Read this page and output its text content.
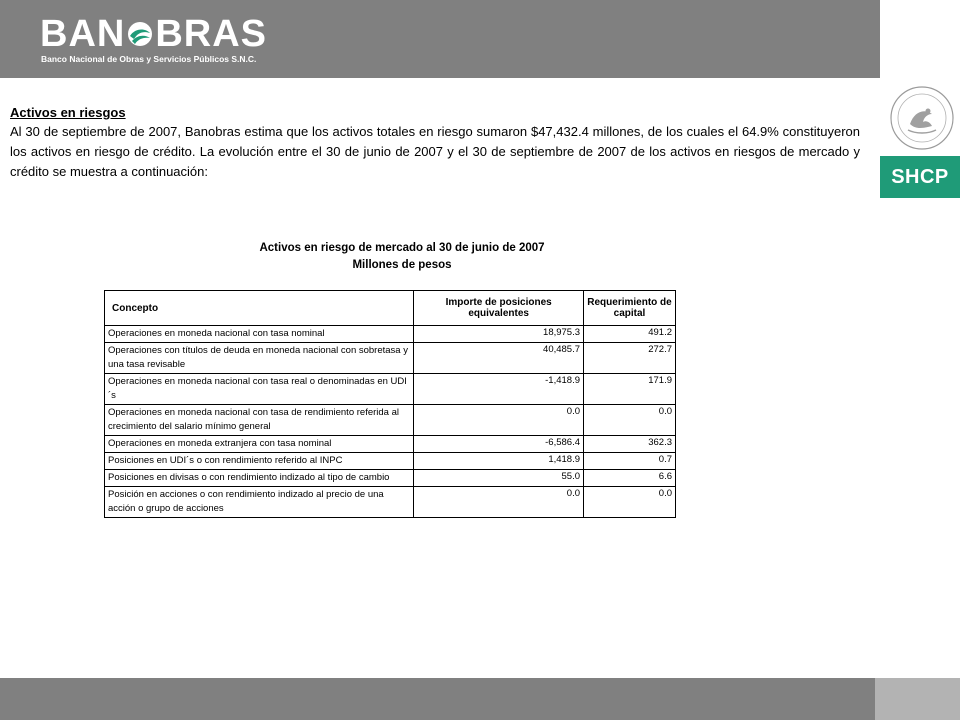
BAN BRAS
Banco Nacional de Obras y Servicios Públicos S.N.C.
SHCP
Activos en riesgos
Al 30 de septiembre de 2007, Banobras estima que los activos totales en riesgo sumaron $47,432.4 millones, de los cuales el 64.9% constituyeron los activos en riesgo de crédito. La evolución entre el 30 de junio de 2007 y el 30 de septiembre de 2007 de los activos en riesgos de mercado y crédito se muestra a continuación:
Activos en riesgo de mercado al 30 de junio de 2007
Millones de pesos
Concepto	Importe de posiciones equivalentes	Requerimiento de capital
Operaciones en moneda nacional con tasa nominal	18,975.3	491.2
Operaciones con títulos de deuda en moneda nacional con sobretasa y una tasa revisable	40,485.7	272.7
Operaciones en moneda nacional con tasa real o denominadas en UDI´s	-1,418.9	171.9
Operaciones en moneda nacional con tasa de rendimiento referida al crecimiento del salario mínimo general	0.0	0.0
Operaciones en moneda extranjera con tasa nominal	-6,586.4	362.3
Posiciones en UDI´s o con rendimiento referido al INPC	1,418.9	0.7
Posiciones en divisas o con rendimiento indizado al tipo de cambio	55.0	6.6
Posición en acciones o con rendimiento indizado al precio de una acción o grupo de acciones	0.0	0.0
